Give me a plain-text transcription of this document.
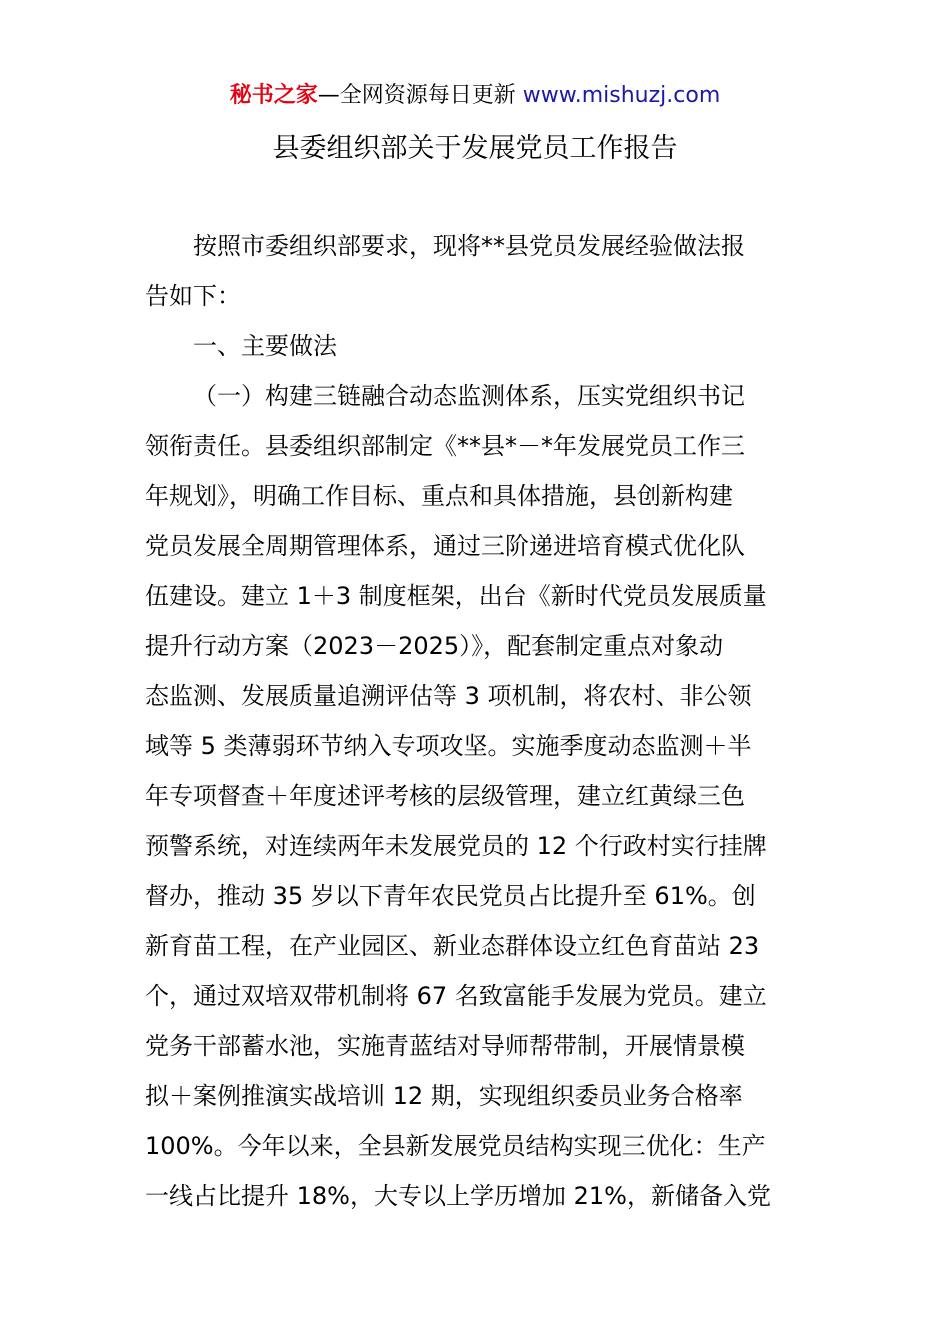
秘书之家—全网资源每日更新 www.mishuzj.com
县委组织部关于发展党员工作报告
按照市委组织部要求，现将**县党员发展经验做法报
告如下：
一、主要做法
（一）构建三链融合动态监测体系，压实党组织书记
领衔责任。县委组织部制定《**县*－*年发展党员工作三
年规划》，明确工作目标、重点和具体措施，县创新构建
党员发展全周期管理体系，通过三阶递进培育模式优化队
伍建设。建立 1＋3 制度框架，出台《新时代党员发展质量
提升行动方案（2023－2025）》，配套制定重点对象动
态监测、发展质量追溯评估等 3 项机制，将农村、非公领
域等 5 类薄弱环节纳入专项攻坚。实施季度动态监测＋半
年专项督查＋年度述评考核的层级管理，建立红黄绿三色
预警系统，对连续两年未发展党员的 12 个行政村实行挂牌
督办，推动 35 岁以下青年农民党员占比提升至 61%。创
新育苗工程，在产业园区、新业态群体设立红色育苗站 23
个，通过双培双带机制将 67 名致富能手发展为党员。建立
党务干部蓄水池，实施青蓝结对导师帮带制，开展情景模
拟＋案例推演实战培训 12 期，实现组织委员业务合格率
100%。今年以来，全县新发展党员结构实现三优化：生产
一线占比提升 18%，大专以上学历增加 21%，新储备入党
